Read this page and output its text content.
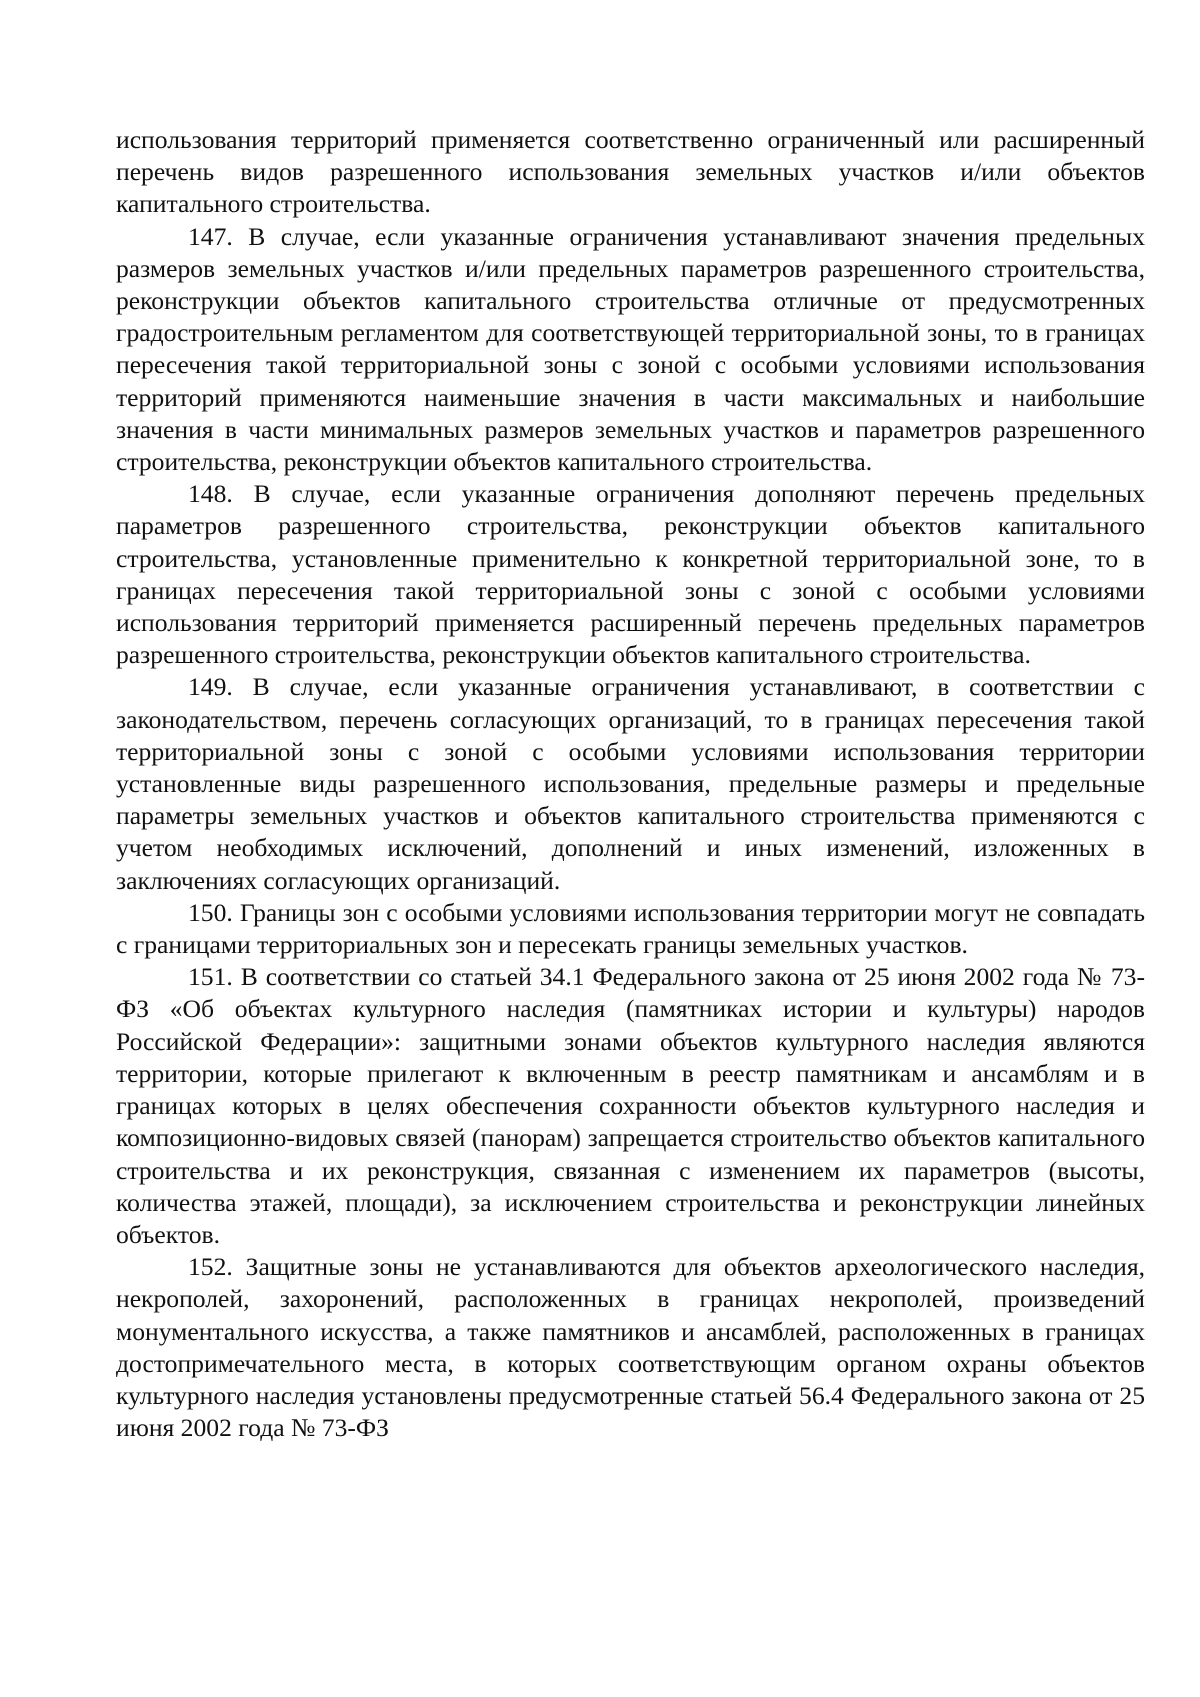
использования территорий применяется соответственно ограниченный или расширенный перечень видов разрешенного использования земельных участков и/или объектов капитального строительства.

147. В случае, если указанные ограничения устанавливают значения предельных размеров земельных участков и/или предельных параметров разрешенного строительства, реконструкции объектов капитального строительства отличные от предусмотренных градостроительным регламентом для соответствующей территориальной зоны, то в границах пересечения такой территориальной зоны с зоной с особыми условиями использования территорий применяются наименьшие значения в части максимальных и наибольшие значения в части минимальных размеров земельных участков и параметров разрешенного строительства, реконструкции объектов капитального строительства.

148. В случае, если указанные ограничения дополняют перечень предельных параметров разрешенного строительства, реконструкции объектов капитального строительства, установленные применительно к конкретной территориальной зоне, то в границах пересечения такой территориальной зоны с зоной с особыми условиями использования территорий применяется расширенный перечень предельных параметров разрешенного строительства, реконструкции объектов капитального строительства.

149. В случае, если указанные ограничения устанавливают, в соответствии с законодательством, перечень согласующих организаций, то в границах пересечения такой территориальной зоны с зоной с особыми условиями использования территории установленные виды разрешенного использования, предельные размеры и предельные параметры земельных участков и объектов капитального строительства применяются с учетом необходимых исключений, дополнений и иных изменений, изложенных в заключениях согласующих организаций.

150. Границы зон с особыми условиями использования территории могут не совпадать с границами территориальных зон и пересекать границы земельных участков.

151. В соответствии со статьей 34.1 Федерального закона от 25 июня 2002 года № 73-ФЗ «Об объектах культурного наследия (памятниках истории и культуры) народов Российской Федерации»: защитными зонами объектов культурного наследия являются территории, которые прилегают к включенным в реестр памятникам и ансамблям и в границах которых в целях обеспечения сохранности объектов культурного наследия и композиционно-видовых связей (панорам) запрещается строительство объектов капитального строительства и их реконструкция, связанная с изменением их параметров (высоты, количества этажей, площади), за исключением строительства и реконструкции линейных объектов.

152. Защитные зоны не устанавливаются для объектов археологического наследия, некрополей, захоронений, расположенных в границах некрополей, произведений монументального искусства, а также памятников и ансамблей, расположенных в границах достопримечательного места, в которых соответствующим органом охраны объектов культурного наследия установлены предусмотренные статьей 56.4 Федерального закона от 25 июня 2002 года № 73-ФЗ
